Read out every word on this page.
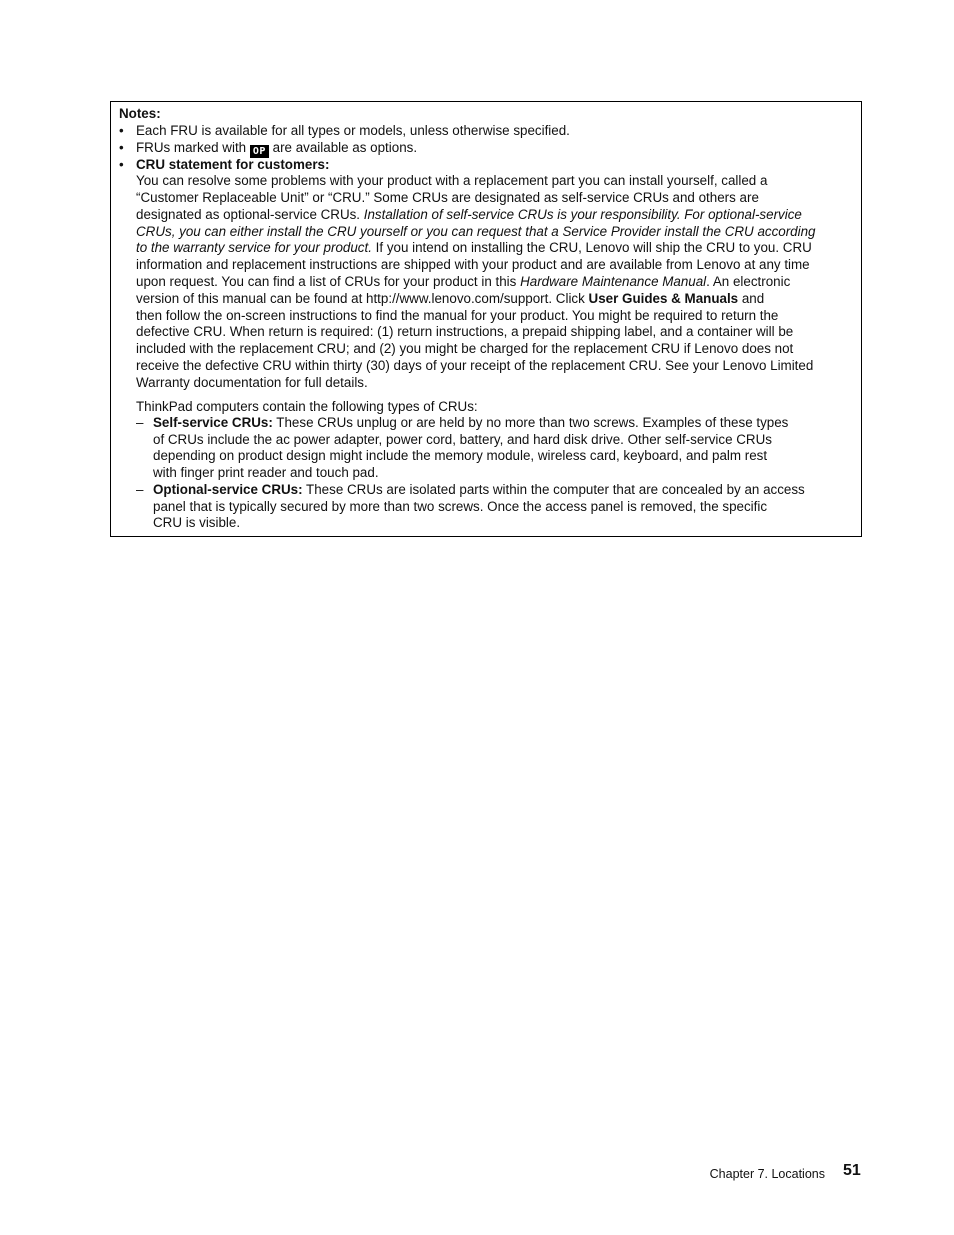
Notes:
• Each FRU is available for all types or models, unless otherwise specified.
• FRUs marked with OP are available as options.
• CRU statement for customers:
You can resolve some problems with your product with a replacement part you can install yourself, called a
“Customer Replaceable Unit” or “CRU.” Some CRUs are designated as self-service CRUs and others are
designated as optional-service CRUs. Installation of self-service CRUs is your responsibility. For optional-service
CRUs, you can either install the CRU yourself or you can request that a Service Provider install the CRU according
to the warranty service for your product. If you intend on installing the CRU, Lenovo will ship the CRU to you. CRU
information and replacement instructions are shipped with your product and are available from Lenovo at any time
upon request. You can find a list of CRUs for your product in this Hardware Maintenance Manual. An electronic
version of this manual can be found at http://www.lenovo.com/support. Click User Guides & Manuals and
then follow the on-screen instructions to find the manual for your product. You might be required to return the
defective CRU. When return is required: (1) return instructions, a prepaid shipping label, and a container will be
included with the replacement CRU; and (2) you might be charged for the replacement CRU if Lenovo does not
receive the defective CRU within thirty (30) days of your receipt of the replacement CRU. See your Lenovo Limited
Warranty documentation for full details.
ThinkPad computers contain the following types of CRUs:
– Self-service CRUs: These CRUs unplug or are held by no more than two screws. Examples of these types
of CRUs include the ac power adapter, power cord, battery, and hard disk drive. Other self-service CRUs
depending on product design might include the memory module, wireless card, keyboard, and palm rest
with finger print reader and touch pad.
– Optional-service CRUs: These CRUs are isolated parts within the computer that are concealed by an access
panel that is typically secured by more than two screws. Once the access panel is removed, the specific
CRU is visible.
Chapter 7. Locations 51
